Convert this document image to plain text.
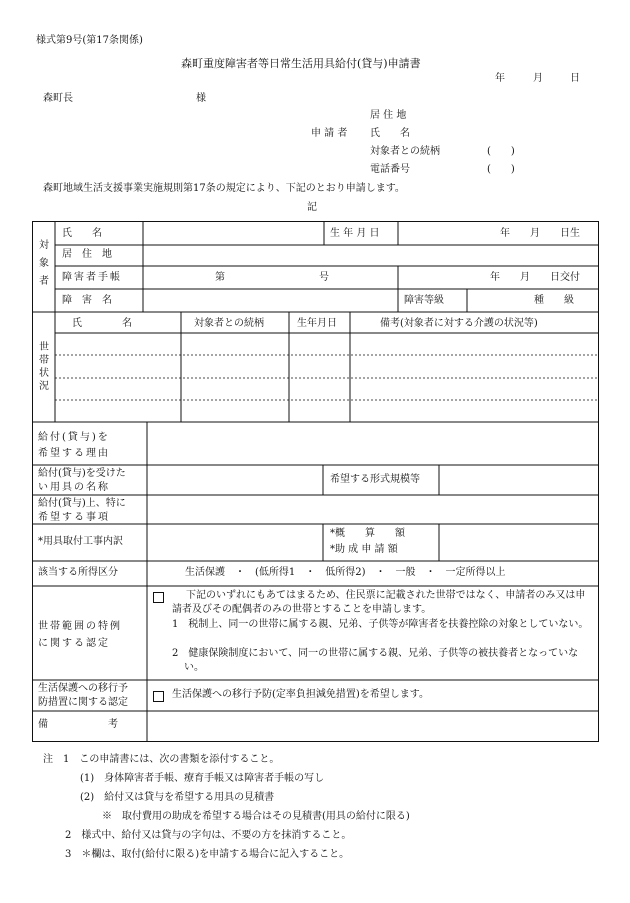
様式第9号(第17条関係)
森町重度障害者等日常生活用具給付(貸与)申請書
年	月	日
森町長	様
居 住 地
申 請 者 氏　　名
対象者との続柄	(　　)
電話番号	(　　)
森町地域生活支援事業実施規則第17条の規定により、下記のとおり申請します。
記
対
象
者
氏　　名	生 年 月 日	年　　月　　日生
居　住　地
障害者手帳	第	号	年　　月　　日交付
障　害　名	障害等級	種　　級
世
帯
状
況
氏　　　　名	対象者との続柄	生年月日	備考(対象者に対する介護の状況等)
給付(貸与)を
希望する理由
給付(貸与)を受けた
い用具の名称
希望する形式規模等
給付(貸与)上、特に
希望する事項
*用具取付工事内訳
*概　　算　　額
*助 成 申 請 額
該当する所得区分	生活保護　・　(低所得1　・　低所得2)　・　一般　・　一定所得以上
世帯範囲の特例
に関する認定
下記のいずれにもあてはまるため、住民票に記載された世帯ではなく、申請者のみ又は申請者及びその配偶者のみの世帯とすることを申請します。
1　税制上、同一の世帯に属する親、兄弟、子供等が障害者を扶養控除の対象としていない。
2　健康保険制度において、同一の世帯に属する親、兄弟、子供等の被扶養者となっていない。
生活保護への移行予
防措置に関する認定
生活保護への移行予防(定率負担減免措置)を希望します。
備　　　　　　考
注　1　この申請書には、次の書類を添付すること。
(1)　身体障害者手帳、療育手帳又は障害者手帳の写し
(2)　給付又は貸与を希望する用具の見積書
※　取付費用の助成を希望する場合はその見積書(用具の給付に限る)
2　様式中、給付又は貸与の字句は、不要の方を抹消すること。
3　＊欄は、取付(給付に限る)を申請する場合に記入すること。
